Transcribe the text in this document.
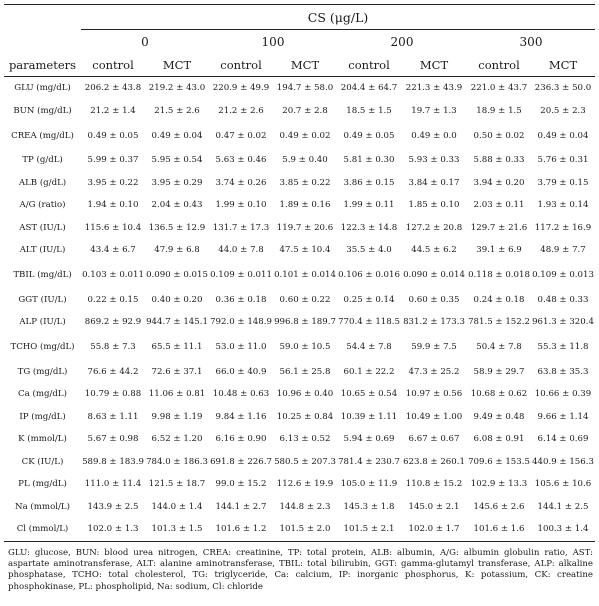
	CS (μg/L)							
	0		100		200		300	
parameters	control	MCT	control	MCT	control	MCT	control	MCT
GLU (mg/dL)	206.2 ± 43.8	219.2 ± 43.0	220.9 ± 49.9	194.7 ± 58.0	204.4 ± 64.7	221.3 ± 43.9	221.0 ± 43.7	236.3 ± 50.0
BUN (mg/dL)	21.2 ± 1.4	21.5 ± 2.6	21.2 ± 2.6	20.7 ± 2.8	18.5 ± 1.5	19.7 ± 1.3	18.9 ± 1.5	20.5 ± 2.3
CREA (mg/dL)	0.49 ± 0.05	0.49 ± 0.04	0.47 ± 0.02	0.49 ± 0.02	0.49 ± 0.05	0.49 ± 0.0	0.50 ± 0.02	0.49 ± 0.04
TP (g/dL)	5.99 ± 0.37	5.95 ± 0.54	5.63 ± 0.46	5.9 ± 0.40	5.81 ± 0.30	5.93 ± 0.33	5.88 ± 0.33	5.76 ± 0.31
ALB (g/dL)	3.95 ± 0.22	3.95 ± 0.29	3.74 ± 0.26	3.85 ± 0.22	3.86 ± 0.15	3.84 ± 0.17	3.94 ± 0.20	3.79 ± 0.15
A/G (ratio)	1.94 ± 0.10	2.04 ± 0.43	1.99 ± 0.10	1.89 ± 0.16	1.99 ± 0.11	1.85 ± 0.10	2.03 ± 0.11	1.93 ± 0.14
AST (IU/L)	115.6 ± 10.4	136.5 ± 12.9	131.7 ± 17.3	119.7 ± 20.6	122.3 ± 14.8	127.2 ± 20.8	129.7 ± 21.6	117.2 ± 16.9
ALT (IU/L)	43.4 ± 6.7	47.9 ± 6.8	44.0 ± 7.8	47.5 ± 10.4	35.5 ± 4.0	44.5 ± 6.2	39.1 ± 6.9	48.9 ± 7.7
TBIL (mg/dL)	0.103 ± 0.011	0.090 ± 0.015	0.109 ± 0.011	0.101 ± 0.014	0.106 ± 0.016	0.090 ± 0.014	0.118 ± 0.018	0.109 ± 0.013
GGT (IU/L)	0.22 ± 0.15	0.40 ± 0.20	0.36 ± 0.18	0.60 ± 0.22	0.25 ± 0.14	0.60 ± 0.35	0.24 ± 0.18	0.48 ± 0.33
ALP (IU/L)	869.2 ± 92.9	944.7 ± 145.1	792.0 ± 148.9	996.8 ± 189.7	770.4 ± 118.5	831.2 ± 173.3	781.5 ± 152.2	961.3 ± 320.4
TCHO (mg/dL)	55.8 ± 7.3	65.5 ± 11.1	53.0 ± 11.0	59.0 ± 10.5	54.4 ± 7.8	59.9 ± 7.5	50.4 ± 7.8	55.3 ± 11.8
TG (mg/dL)	76.6 ± 44.2	72.6 ± 37.1	66.0 ± 40.9	56.1 ± 25.8	60.1 ± 22.2	47.3 ± 25.2	58.9 ± 29.7	63.8 ± 35.3
Ca (mg/dL)	10.79 ± 0.88	11.06 ± 0.81	10.48 ± 0.63	10.96 ± 0.40	10.65 ± 0.54	10.97 ± 0.56	10.68 ± 0.62	10.66 ± 0.39
IP (mg/dL)	8.63 ± 1.11	9.98 ± 1.19	9.84 ± 1.16	10.25 ± 0.84	10.39 ± 1.11	10.49 ± 1.00	9.49 ± 0.48	9.66 ± 1.14
K (mmol/L)	5.67 ± 0.98	6.52 ± 1.20	6.16 ± 0.90	6.13 ± 0.52	5.94 ± 0.69	6.67 ± 0.67	6.08 ± 0.91	6.14 ± 0.69
CK (IU/L)	589.8 ± 183.9	784.0 ± 186.3	691.8 ± 226.7	580.5 ± 207.3	781.4 ± 230.7	623.8 ± 260.1	709.6 ± 153.5	440.9 ± 156.3
PL (mg/dL)	111.0 ± 11.4	121.5 ± 18.7	99.0 ± 15.2	112.6 ± 19.9	105.0 ± 11.9	110.8 ± 15.2	102.9 ± 13.3	105.6 ± 10.6
Na (mmol/L)	143.9 ± 2.5	144.0 ± 1.4	144.1 ± 2.7	144.8 ± 2.3	145.3 ± 1.8	145.0 ± 2.1	145.6 ± 2.6	144.1 ± 2.5
Cl (mmol/L)	102.0 ± 1.3	101.3 ± 1.5	101.6 ± 1.2	101.5 ± 2.0	101.5 ± 2.1	102.0 ± 1.7	101.6 ± 1.6	100.3 ± 1.4
GLU: glucose, BUN: blood urea nitrogen, CREA: creatinine, TP: total protein, ALB: albumin, A/G: albumin globulin ratio, AST: aspartate aminotransferase, ALT: alanine aminotransferase, TBIL: total bilirubin, GGT: gamma-glutamyl transferase, ALP: alkaline phosphatase, TCHO: total cholesterol, TG: triglyceride, Ca: calcium, IP: inorganic phosphorus, K: potassium, CK: creatine phosphokinase, PL: phospholipid, Na: sodium, Cl: chloride
